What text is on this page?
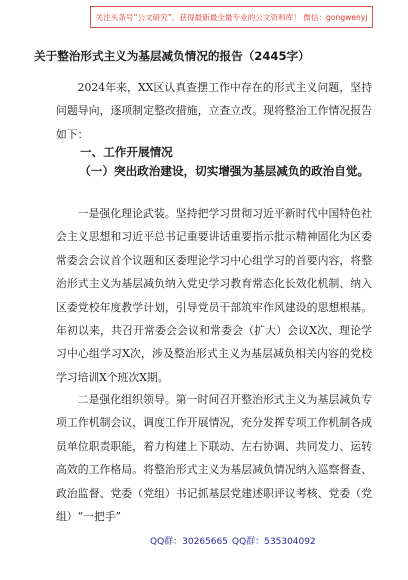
关注头条号“公文研究”，获得最新最全最专业的公文资料库！ 微信：gongwenyj
关于整治形式主义为基层减负情况的报告（2445字）

2024年来，XX区认真查摆工作中存在的形式主义问题，坚持问题导向，逐项制定整改措施，立查立改。现将整治工作情况报告如下：

一、工作开展情况

（一）突出政治建设，切实增强为基层减负的政治自觉。

一是强化理论武装。坚持把学习贯彻习近平新时代中国特色社会主义思想和习近平总书记重要讲话重要指示批示精神固化为区委常委会会议首个议题和区委理论学习中心组学习的首要内容，将整治形式主义为基层减负纳入党史学习教育常态化长效化机制、纳入区委党校年度教学计划，引导党员干部筑牢作风建设的思想根基。年初以来，共召开常委会会议和常委会（扩大）会议X次、理论学习中心组学习X次，涉及整治形式主义为基层减负相关内容的党校学习培训X个班次X期。

二是强化组织领导。第一时间召开整治形式主义为基层减负专项工作机制会议，调度工作开展情况，充分发挥专项工作机制各成员单位职责职能，着力构建上下联动、左右协调、共同发力、运转高效的工作格局。将整治形式主义为基层减负情况纳入巡察督查、政治监督、党委（党组）书记抓基层党建述职评议考核、党委（党组）“一把手”

QQ群：30265665 QQ群：535304092
